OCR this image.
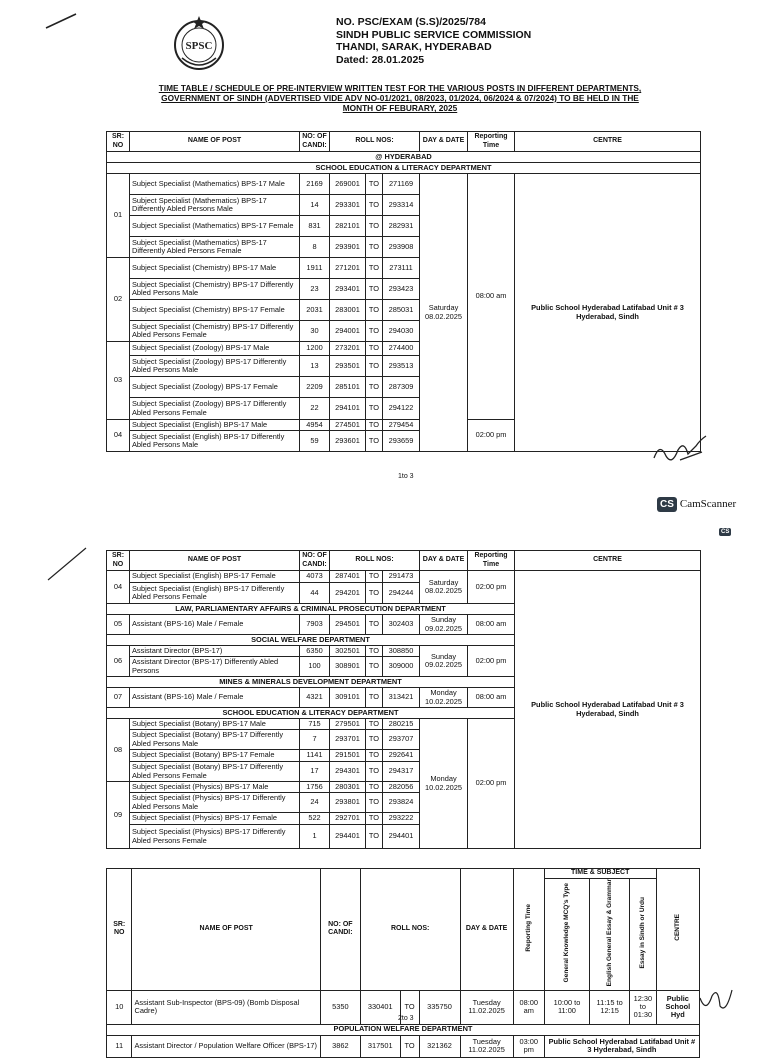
SPSC
NO. PSC/EXAM (S.S)/2025/784
SINDH PUBLIC SERVICE COMMISSION
THANDI, SARAK, HYDERABAD
Dated: 28.01.2025
TIME TABLE / SCHEDULE OF PRE-INTERVIEW WRITTEN TEST FOR THE VARIOUS POSTS IN DIFFERENT DEPARTMENTS,
GOVERNMENT OF SINDH (ADVERTISED VIDE ADV NO-01/2021, 08/2023, 01/2024, 06/2024 & 07/2024) TO BE HELD IN THE
MONTH OF FEBURARY, 2025
SR: NO	NAME OF POST	NO: OF CANDI:	ROLL NOS:			DAY & DATE	Reporting Time	CENTRE
@ HYDERABAD								
SCHOOL EDUCATION & LITERACY DEPARTMENT								
01	Subject Specialist (Mathematics) BPS-17 Male	2169	269001	TO	271169	Saturday 08.02.2025	08:00 am	Public School Hyderabad Latifabad Unit # 3 Hyderabad, Sindh
	Subject Specialist (Mathematics) BPS-17 Differently Abled Persons Male	14	293301	TO	293314			
	Subject Specialist (Mathematics) BPS-17 Female	831	282101	TO	282931			
	Subject Specialist (Mathematics) BPS-17 Differently Abled Persons Female	8	293901	TO	293908			
02	Subject Specialist (Chemistry) BPS-17 Male	1911	271201	TO	273111			
	Subject Specialist (Chemistry) BPS-17 Differently Abled Persons Male	23	293401	TO	293423			
	Subject Specialist (Chemistry) BPS-17 Female	2031	283001	TO	285031			
	Subject Specialist (Chemistry) BPS-17 Differently Abled Persons Female	30	294001	TO	294030			
03	Subject Specialist (Zoology) BPS-17 Male	1200	273201	TO	274400			
	Subject Specialist (Zoology) BPS-17 Differently Abled Persons Male	13	293501	TO	293513			
	Subject Specialist (Zoology) BPS-17 Female	2209	285101	TO	287309			
	Subject Specialist (Zoology) BPS-17 Differently Abled Persons Female	22	294101	TO	294122			
04	Subject Specialist (English) BPS-17 Male	4954	274501	TO	279454		02:00 pm	
	Subject Specialist (English) BPS-17 Differently Abled Persons Male	59	293601	TO	293659			
1to 3
CS CamScanner
CS
SR: NO	NAME OF POST	NO: OF CANDI:	ROLL NOS:			DAY & DATE	Reporting Time	CENTRE
04	Subject Specialist (English) BPS-17 Female	4073	287401	TO	291473	Saturday 08.02.2025	02:00 pm	Public School Hyderabad Latifabad Unit # 3 Hyderabad, Sindh
	Subject Specialist (English) BPS-17 Differently Abled Persons Female	44	294201	TO	294244			
LAW, PARLIAMENTARY AFFAIRS & CRIMINAL PROSECUTION DEPARTMENT								
05	Assistant (BPS-16) Male / Female	7903	294501	TO	302403	Sunday 09.02.2025	08:00 am	
SOCIAL WELFARE DEPARTMENT								
06	Assistant Director (BPS-17)	6350	302501	TO	308850	Sunday 09.02.2025	02:00 pm	
	Assistant Director (BPS-17) Differently Abled Persons	100	308901	TO	309000			
MINES & MINERALS DEVELOPMENT DEPARTMENT								
07	Assistant (BPS-16) Male / Female	4321	309101	TO	313421	Monday 10.02.2025	08:00 am	
SCHOOL EDUCATION & LITERACY DEPARTMENT								
08	Subject Specialist (Botany) BPS-17 Male	715	279501	TO	280215	Monday 10.02.2025	02:00 pm	
	Subject Specialist (Botany) BPS-17 Differently Abled Persons Male	7	293701	TO	293707			
	Subject Specialist (Botany) BPS-17 Female	1141	291501	TO	292641			
	Subject Specialist (Botany) BPS-17 Differently Abled Persons Female	17	294301	TO	294317			
09	Subject Specialist (Physics) BPS-17 Male	1756	280301	TO	282056			
	Subject Specialist (Physics) BPS-17 Differently Abled Persons Male	24	293801	TO	293824			
	Subject Specialist (Physics) BPS-17 Female	522	292701	TO	293222			
	Subject Specialist (Physics) BPS-17 Differently Abled Persons Female	1	294401	TO	294401			
SR: NO	NAME OF POST	NO: OF CANDI:	ROLL NOS:			DAY & DATE	Reporting Time	TIME & SUBJECT			CENTRE
								General Knowledge MCQ's Type	English General Essay & Grammar	Essay in Sindh or Urdu	
10	Assistant Sub-Inspector (BPS-09) (Bomb Disposal Cadre)	5350	330401	TO	335750	Tuesday 11.02.2025	08:00 am	10:00 to 11:00	11:15 to 12:15	12:30 to 01:30	Public School Hyd
POPULATION WELFARE DEPARTMENT											
11	Assistant Director / Population Welfare Officer (BPS-17)	3862	317501	TO	321362	Tuesday 11.02.2025	03:00 pm	Public School Hyderabad Latifabad Unit # 3 Hyderabad, Sindh			
2to 3
